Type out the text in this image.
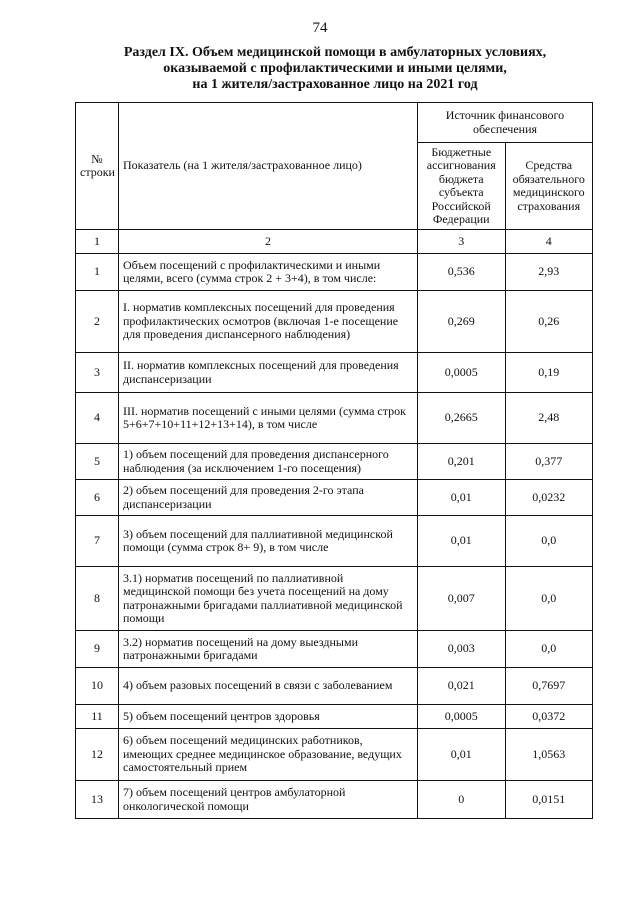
74
Раздел IX. Объем медицинской помощи в амбулаторных условиях,
оказываемой с профилактическими и иными целями,
на 1 жителя/застрахованное лицо на 2021 год
№ строки	Показатель (на 1 жителя/застрахованное лицо)	Источник финансового обеспечения	
		Бюджетные ассигнования бюджета субъекта Российской Федерации	Средства обязательного медицинского страхования
1	2	3	4
1	Объем посещений с профилактическими и иными целями, всего (сумма строк 2 + 3+4), в том числе:	0,536	2,93
2	I. норматив комплексных посещений для проведения профилактических осмотров (включая 1-е посещение для проведения диспансерного наблюдения)	0,269	0,26
3	II. норматив комплексных посещений для проведения диспансеризации	0,0005	0,19
4	III. норматив посещений с иными целями (сумма строк 5+6+7+10+11+12+13+14), в том числе	0,2665	2,48
5	1) объем посещений для проведения диспансерного наблюдения (за исключением 1-го посещения)	0,201	0,377
6	2) объем посещений для проведения 2-го этапа диспансеризации	0,01	0,0232
7	3) объем посещений для паллиативной медицинской помощи (сумма строк 8+ 9), в том числе	0,01	0,0
8	3.1) норматив посещений по паллиативной медицинской помощи без учета посещений на дому патронажными бригадами паллиативной медицинской помощи	0,007	0,0
9	3.2) норматив посещений на дому выездными патронажными бригадами	0,003	0,0
10	4) объем разовых посещений в связи с заболеванием	0,021	0,7697
11	5) объем посещений центров здоровья	0,0005	0,0372
12	6) объем посещений медицинских работников, имеющих среднее медицинское образование, ведущих самостоятельный прием	0,01	1,0563
13	7) объем посещений центров амбулаторной онкологической помощи	0	0,0151
